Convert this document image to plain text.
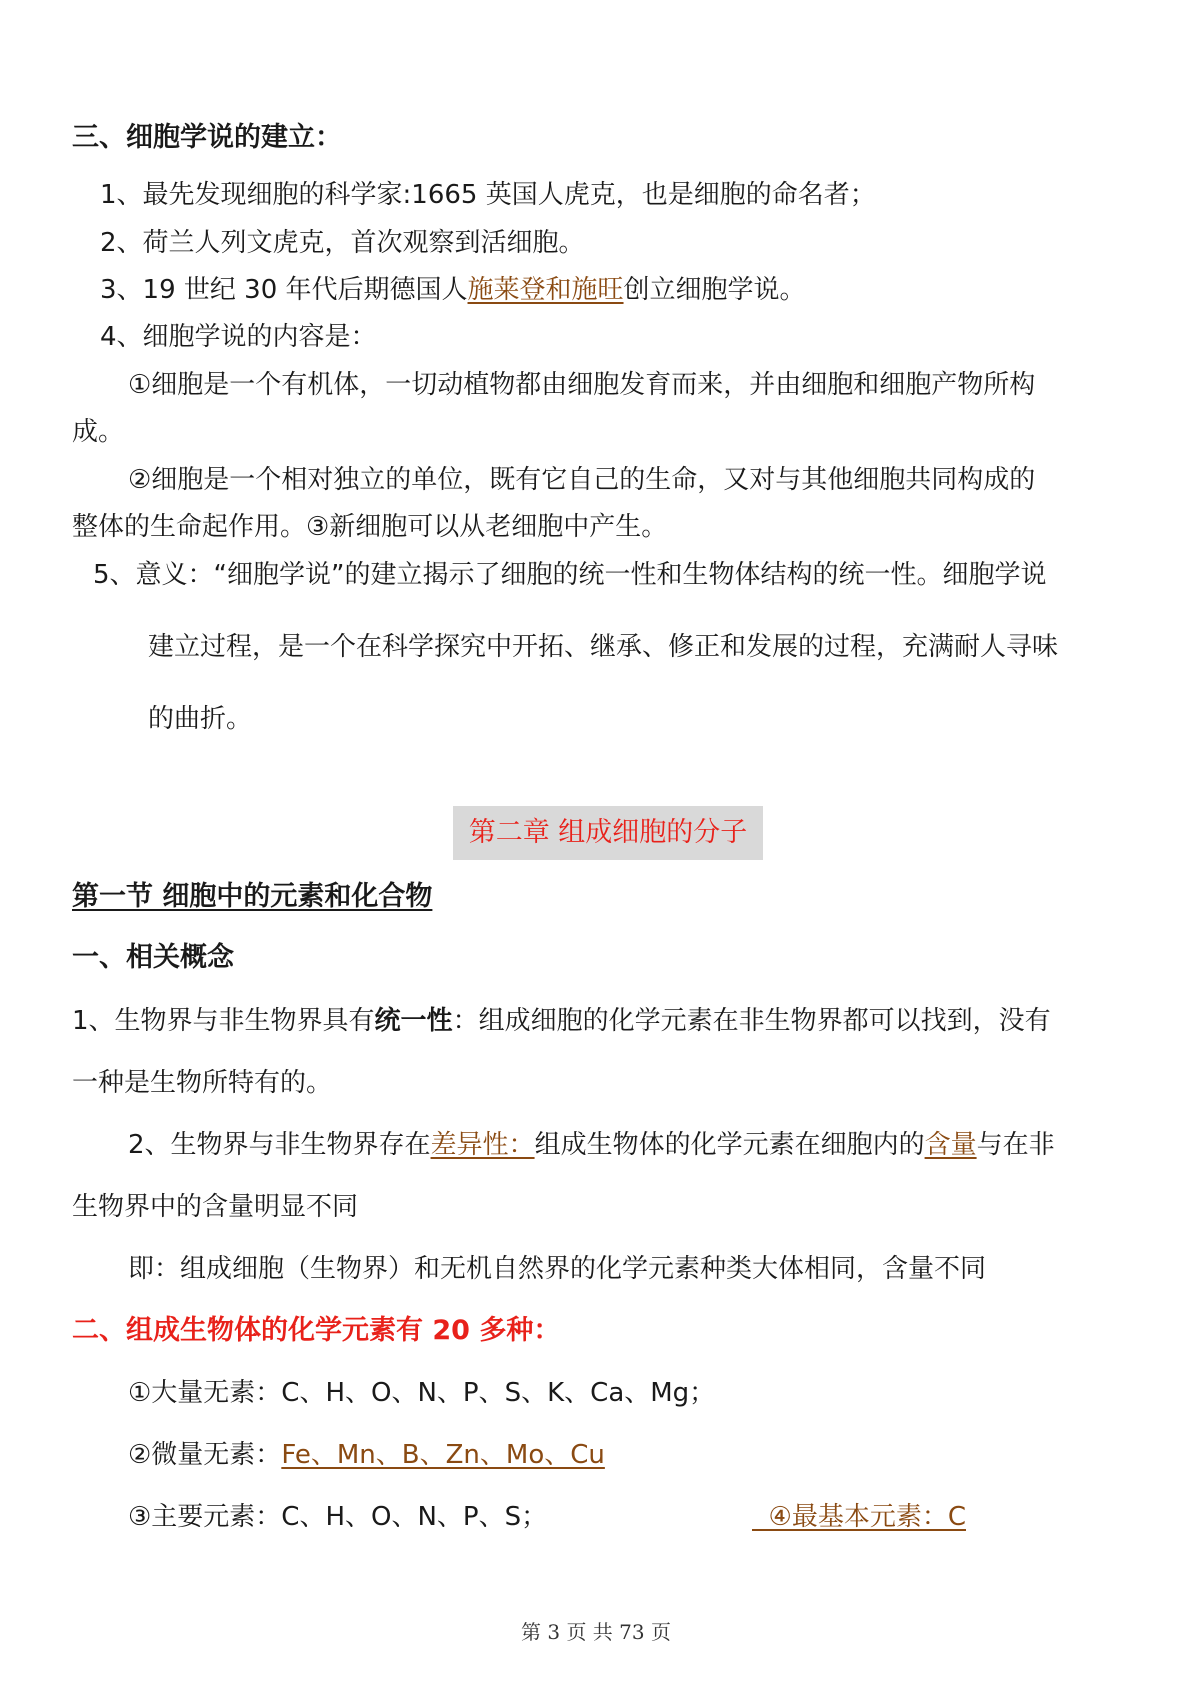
三、细胞学说的建立：
1、最先发现细胞的科学家:1665 英国人虎克，也是细胞的命名者；
2、荷兰人列文虎克，首次观察到活细胞。
3、19 世纪 30 年代后期德国人施莱登和施旺创立细胞学说。
4、细胞学说的内容是：
①细胞是一个有机体，一切动植物都由细胞发育而来，并由细胞和细胞产物所构
成。
②细胞是一个相对独立的单位，既有它自己的生命，又对与其他细胞共同构成的
整体的生命起作用。③新细胞可以从老细胞中产生。
5、意义：“细胞学说”的建立揭示了细胞的统一性和生物体结构的统一性。细胞学说
建立过程，是一个在科学探究中开拓、继承、修正和发展的过程，充满耐人寻味
的曲折。
第二章 组成细胞的分子
第一节 细胞中的元素和化合物
一、相关概念
1、生物界与非生物界具有统一性：组成细胞的化学元素在非生物界都可以找到，没有
一种是生物所特有的。
2、生物界与非生物界存在差异性：组成生物体的化学元素在细胞内的含量与在非
生物界中的含量明显不同
即：组成细胞（生物界）和无机自然界的化学元素种类大体相同，含量不同
二、组成生物体的化学元素有 20 多种：
①大量无素：C、H、O、N、P、S、K、Ca、Mg；
②微量无素：Fe、Mn、B、Zn、Mo、Cu
③主要元素：C、H、O、N、P、S；	④最基本元素：C
第 3 页 共 73 页
